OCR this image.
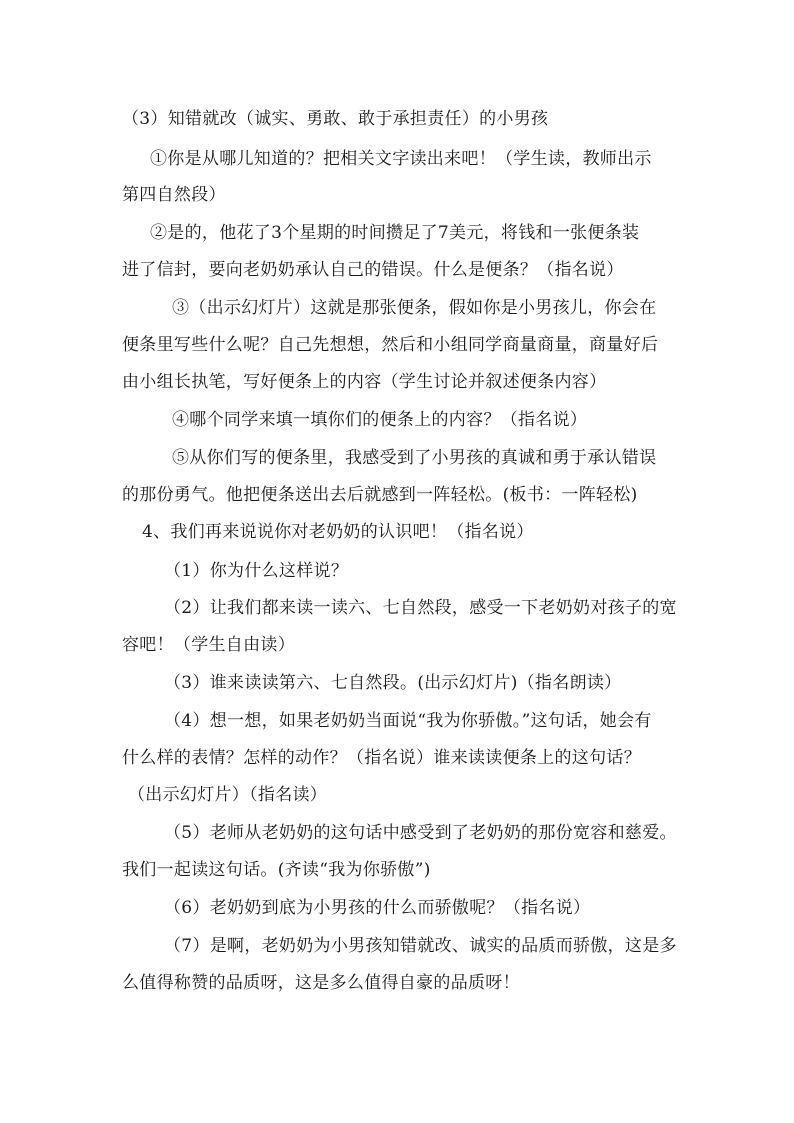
（3）知错就改（诚实、勇敢、敢于承担责任）的小男孩
①你是从哪儿知道的？把相关文字读出来吧！（学生读，教师出示
第四自然段）
②是的，他花了3个星期的时间攒足了7美元，将钱和一张便条装
进了信封，要向老奶奶承认自己的错误。什么是便条？（指名说）
③（出示幻灯片）这就是那张便条，假如你是小男孩儿，你会在
便条里写些什么呢？自己先想想，然后和小组同学商量商量，商量好后
由小组长执笔，写好便条上的内容（学生讨论并叙述便条内容）
④哪个同学来填一填你们的便条上的内容？（指名说）
⑤从你们写的便条里，我感受到了小男孩的真诚和勇于承认错误
的那份勇气。他把便条送出去后就感到一阵轻松。(板书：一阵轻松)
4、我们再来说说你对老奶奶的认识吧！（指名说）
（1）你为什么这样说？
（2）让我们都来读一读六、七自然段，感受一下老奶奶对孩子的宽
容吧！（学生自由读）
（3）谁来读读第六、七自然段。(出示幻灯片)（指名朗读）
（4）想一想，如果老奶奶当面说“我为你骄傲。”这句话，她会有
什么样的表情？怎样的动作？（指名说）谁来读读便条上的这句话？
（出示幻灯片）（指名读）
（5）老师从老奶奶的这句话中感受到了老奶奶的那份宽容和慈爱。
我们一起读这句话。(齐读“我为你骄傲”)
（6）老奶奶到底为小男孩的什么而骄傲呢？（指名说）
（7）是啊，老奶奶为小男孩知错就改、诚实的品质而骄傲，这是多
么值得称赞的品质呀，这是多么值得自豪的品质呀！
